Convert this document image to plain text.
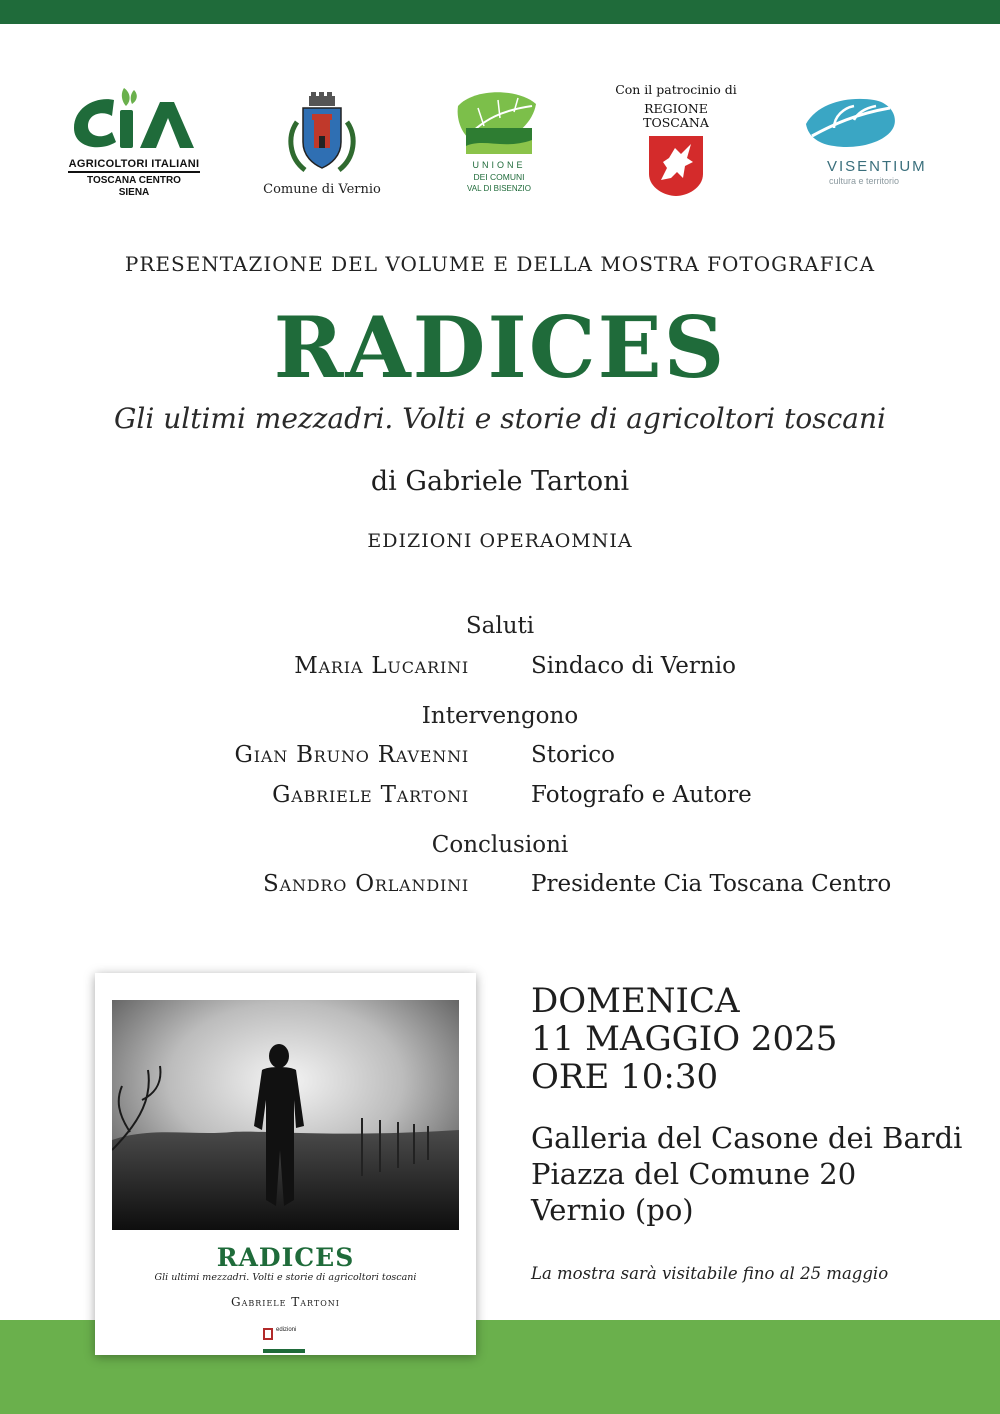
AGRICOLTORI ITALIANI
TOSCANA CENTRO
SIENA	Comune di Vernio
UNIONE
DEI COMUNI
VAL DI BISENZIO
Con il patrocinio di
REGIONE
TOSCANA
VISENTIUM
cultura e territorio
PRESENTAZIONE DEL VOLUME E DELLA MOSTRA FOTOGRAFICA
RADICES
Gli ultimi mezzadri. Volti e storie di agricoltori toscani
di Gabriele Tartoni
EDIZIONI OPERAOMNIA
Saluti
Maria Lucarini	Sindaco di Vernio
Intervengono
Gian Bruno Ravenni	Storico
Gabriele Tartoni	Fotografo e Autore
Conclusioni
Sandro Orlandini	Presidente Cia Toscana Centro
RADICES
Gli ultimi mezzadri. Volti e storie di agricoltori toscani
Gabriele Tartoni
edizioni
DOMENICA
11 MAGGIO 2025
ORE 10:30
Galleria del Casone dei Bardi
Piazza del Comune 20
Vernio (po)
La mostra sarà visitabile fino al 25 maggio
